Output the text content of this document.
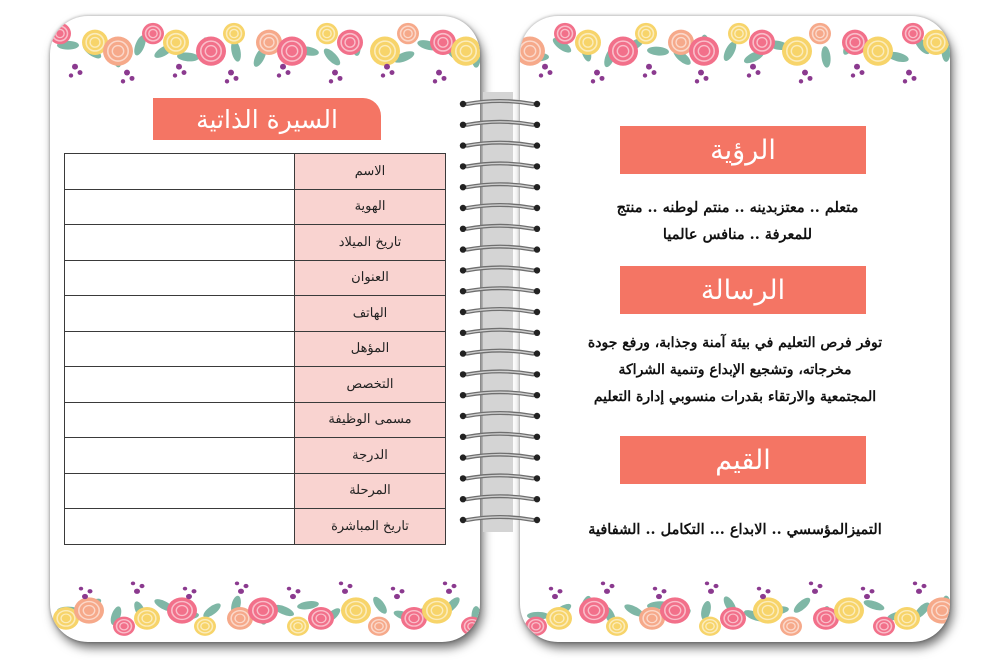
السيرة الذاتية
الاسم	
الهوية	
تاريخ الميلاد	
العنوان	
الهاتف	
المؤهل	
التخصص	
مسمى الوظيفة	
الدرجة	
المرحلة	
تاريخ المباشرة	
الرؤية
متعلم .. معتزبدينه .. منتم لوطنه .. منتج
للمعرفة .. منافس عالميا
الرسالة
توفر فرص التعليم في بيئة آمنة وجذابة، ورفع جودة
مخرجاته، وتشجيع الإبداع وتنمية الشراكة
المجتمعية والارتقاء بقدرات منسوبي إدارة التعليم
القيم
التميزالمؤسسي .. الابداع ... التكامل .. الشفافية
